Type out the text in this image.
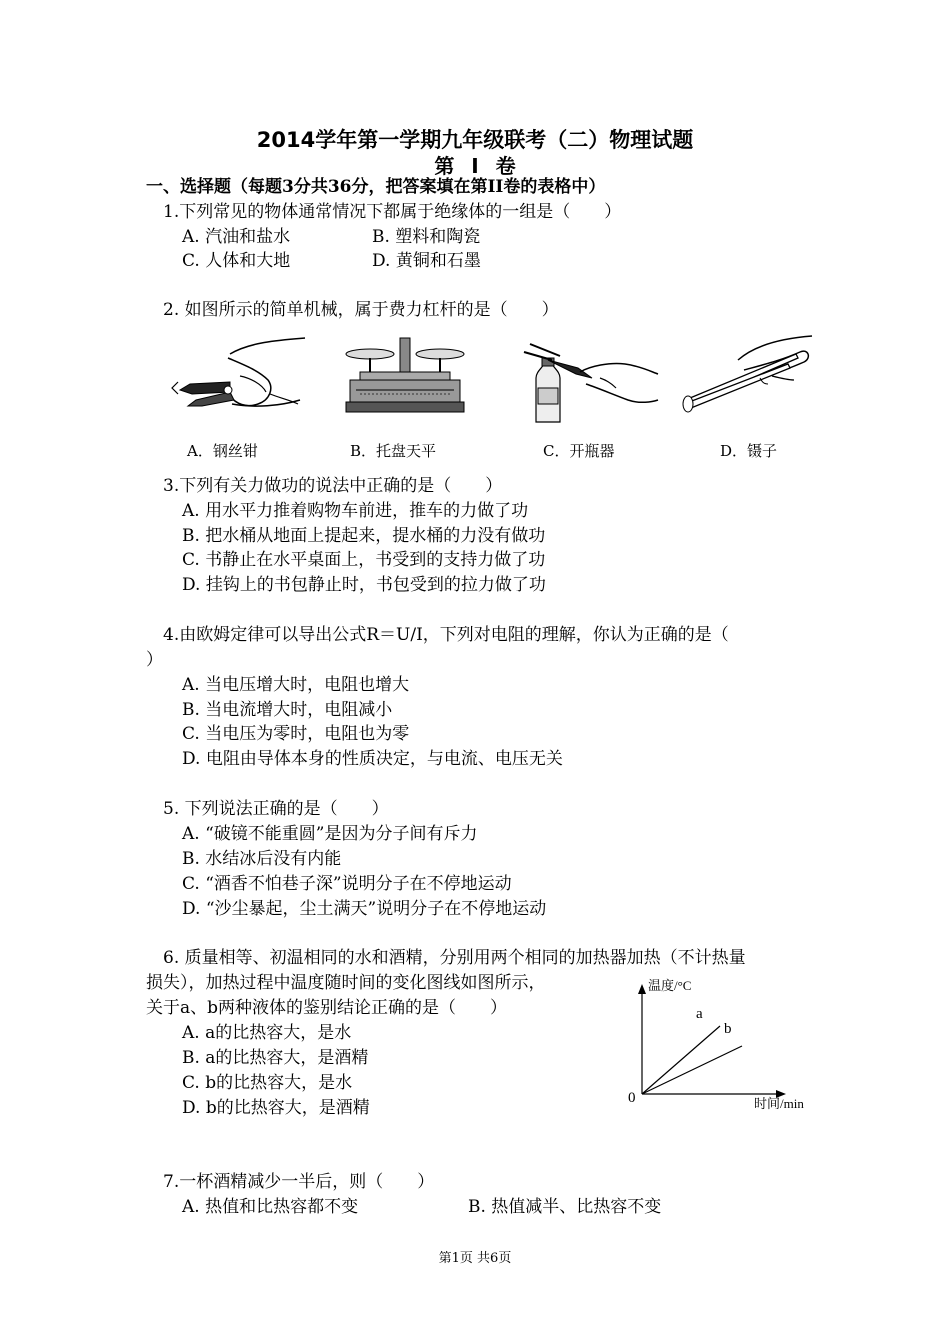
2014学年第一学期九年级联考（二）物理试题
第 I 卷
一、选择题（每题3分共36分，把答案填在第II卷的表格中）
1.下列常见的物体通常情况下都属于绝缘体的一组是（　　）
A. 汽油和盐水	B. 塑料和陶瓷
C. 人体和大地	D. 黄铜和石墨
2. 如图所示的简单机械，属于费力杠杆的是（　　）
A．钢丝钳	B．托盘天平	C．开瓶器	D．镊子
3.下列有关力做功的说法中正确的是（　　）
A. 用水平力推着购物车前进，推车的力做了功
B. 把水桶从地面上提起来，提水桶的力没有做功
C. 书静止在水平桌面上，书受到的支持力做了功
D. 挂钩上的书包静止时，书包受到的拉力做了功
4.由欧姆定律可以导出公式R＝U/I，下列对电阻的理解，你认为正确的是（
）
A. 当电压增大时，电阻也增大
B. 当电流增大时，电阻减小
C. 当电压为零时，电阻也为零
D. 电阻由导体本身的性质决定，与电流、电压无关
5. 下列说法正确的是（　　）
A. “破镜不能重圆”是因为分子间有斥力
B. 水结冰后没有内能
C. “酒香不怕巷子深”说明分子在不停地运动
D. “沙尘暴起，尘土满天”说明分子在不停地运动
6. 质量相等、初温相同的水和酒精，分别用两个相同的加热器加热（不计热量
损失），加热过程中温度随时间的变化图线如图所示，
关于a、b两种液体的鉴别结论正确的是（　　）
A. a的比热容大，是水
B. a的比热容大，是酒精
C. b的比热容大，是水
D. b的比热容大，是酒精
温度/°C
a
b
0	时间/min
7.一杯酒精减少一半后，则（　　）
A. 热值和比热容都不变	B. 热值减半、比热容不变
第1页 共6页
